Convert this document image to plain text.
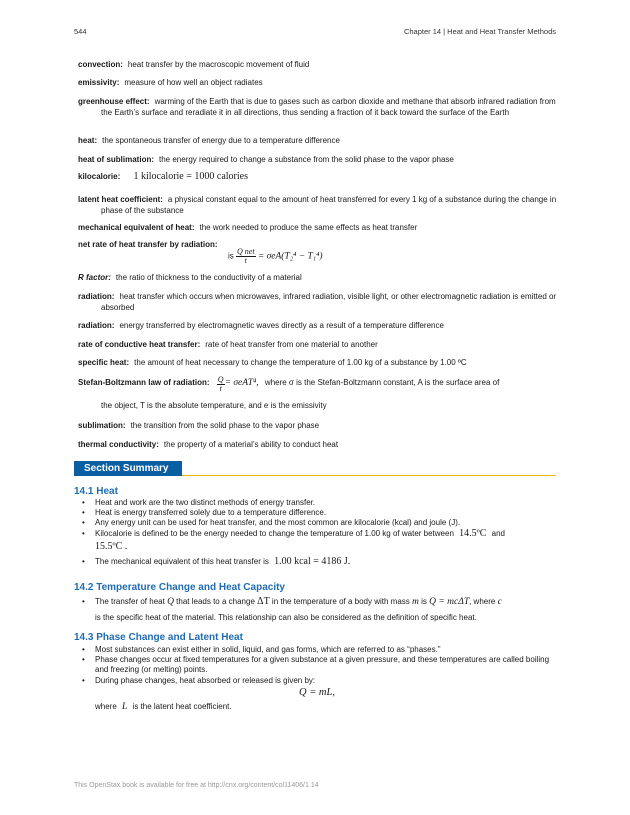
544	Chapter 14 | Heat and Heat Transfer Methods
convection: heat transfer by the macroscopic movement of fluid
emissivity: measure of how well an object radiates
greenhouse effect: warming of the Earth that is due to gases such as carbon dioxide and methane that absorb infrared radiation from the Earth’s surface and reradiate it in all directions, thus sending a fraction of it back toward the surface of the Earth
heat: the spontaneous transfer of energy due to a temperature difference
heat of sublimation: the energy required to change a substance from the solid phase to the vapor phase
kilocalorie: 1 kilocalorie = 1000 calories
latent heat coefficient: a physical constant equal to the amount of heat transferred for every 1 kg of a substance during the change in phase of the substance
mechanical equivalent of heat: the work needed to produce the same effects as heat transfer
net rate of heat transfer by radiation:
is $\frac{\text{Q net}}{t} = \sigma eA(T_2^4 - T_1^4)$
R factor: the ratio of thickness to the conductivity of a material
radiation: heat transfer which occurs when microwaves, infrared radiation, visible light, or other electromagnetic radiation is emitted or absorbed
radiation: energy transferred by electromagnetic waves directly as a result of a temperature difference
rate of conductive heat transfer: rate of heat transfer from one material to another
specific heat: the amount of heat necessary to change the temperature of 1.00 kg of a substance by 1.00 ºC
Stefan-Boltzmann law of radiation: $\frac{Q}{t} = \sigma eAT^4$, where σ is the Stefan-Boltzmann constant, A is the surface area of
the object, T is the absolute temperature, and e is the emissivity
sublimation: the transition from the solid phase to the vapor phase
thermal conductivity: the property of a material’s ability to conduct heat
Section Summary
14.1 Heat
• Heat and work are the two distinct methods of energy transfer.
• Heat is energy transferred solely due to a temperature difference.
• Any energy unit can be used for heat transfer, and the most common are kilocalorie (kcal) and joule (J).
• Kilocalorie is defined to be the energy needed to change the temperature of 1.00 kg of water between 14.5ºC and
15.5ºC .
• The mechanical equivalent of this heat transfer is 1.00 kcal = 4186 J.
14.2 Temperature Change and Heat Capacity
• The transfer of heat Q that leads to a change ΔT in the temperature of a body with mass m is Q = mcΔT, where c
is the specific heat of the material. This relationship can also be considered as the definition of specific heat.
14.3 Phase Change and Latent Heat
• Most substances can exist either in solid, liquid, and gas forms, which are referred to as “phases.”
• Phase changes occur at fixed temperatures for a given substance at a given pressure, and these temperatures are called boiling and freezing (or melting) points.
• During phase changes, heat absorbed or released is given by:
Q = mL,
where L is the latent heat coefficient.
This OpenStax book is available for free at http://cnx.org/content/col11406/1.14
